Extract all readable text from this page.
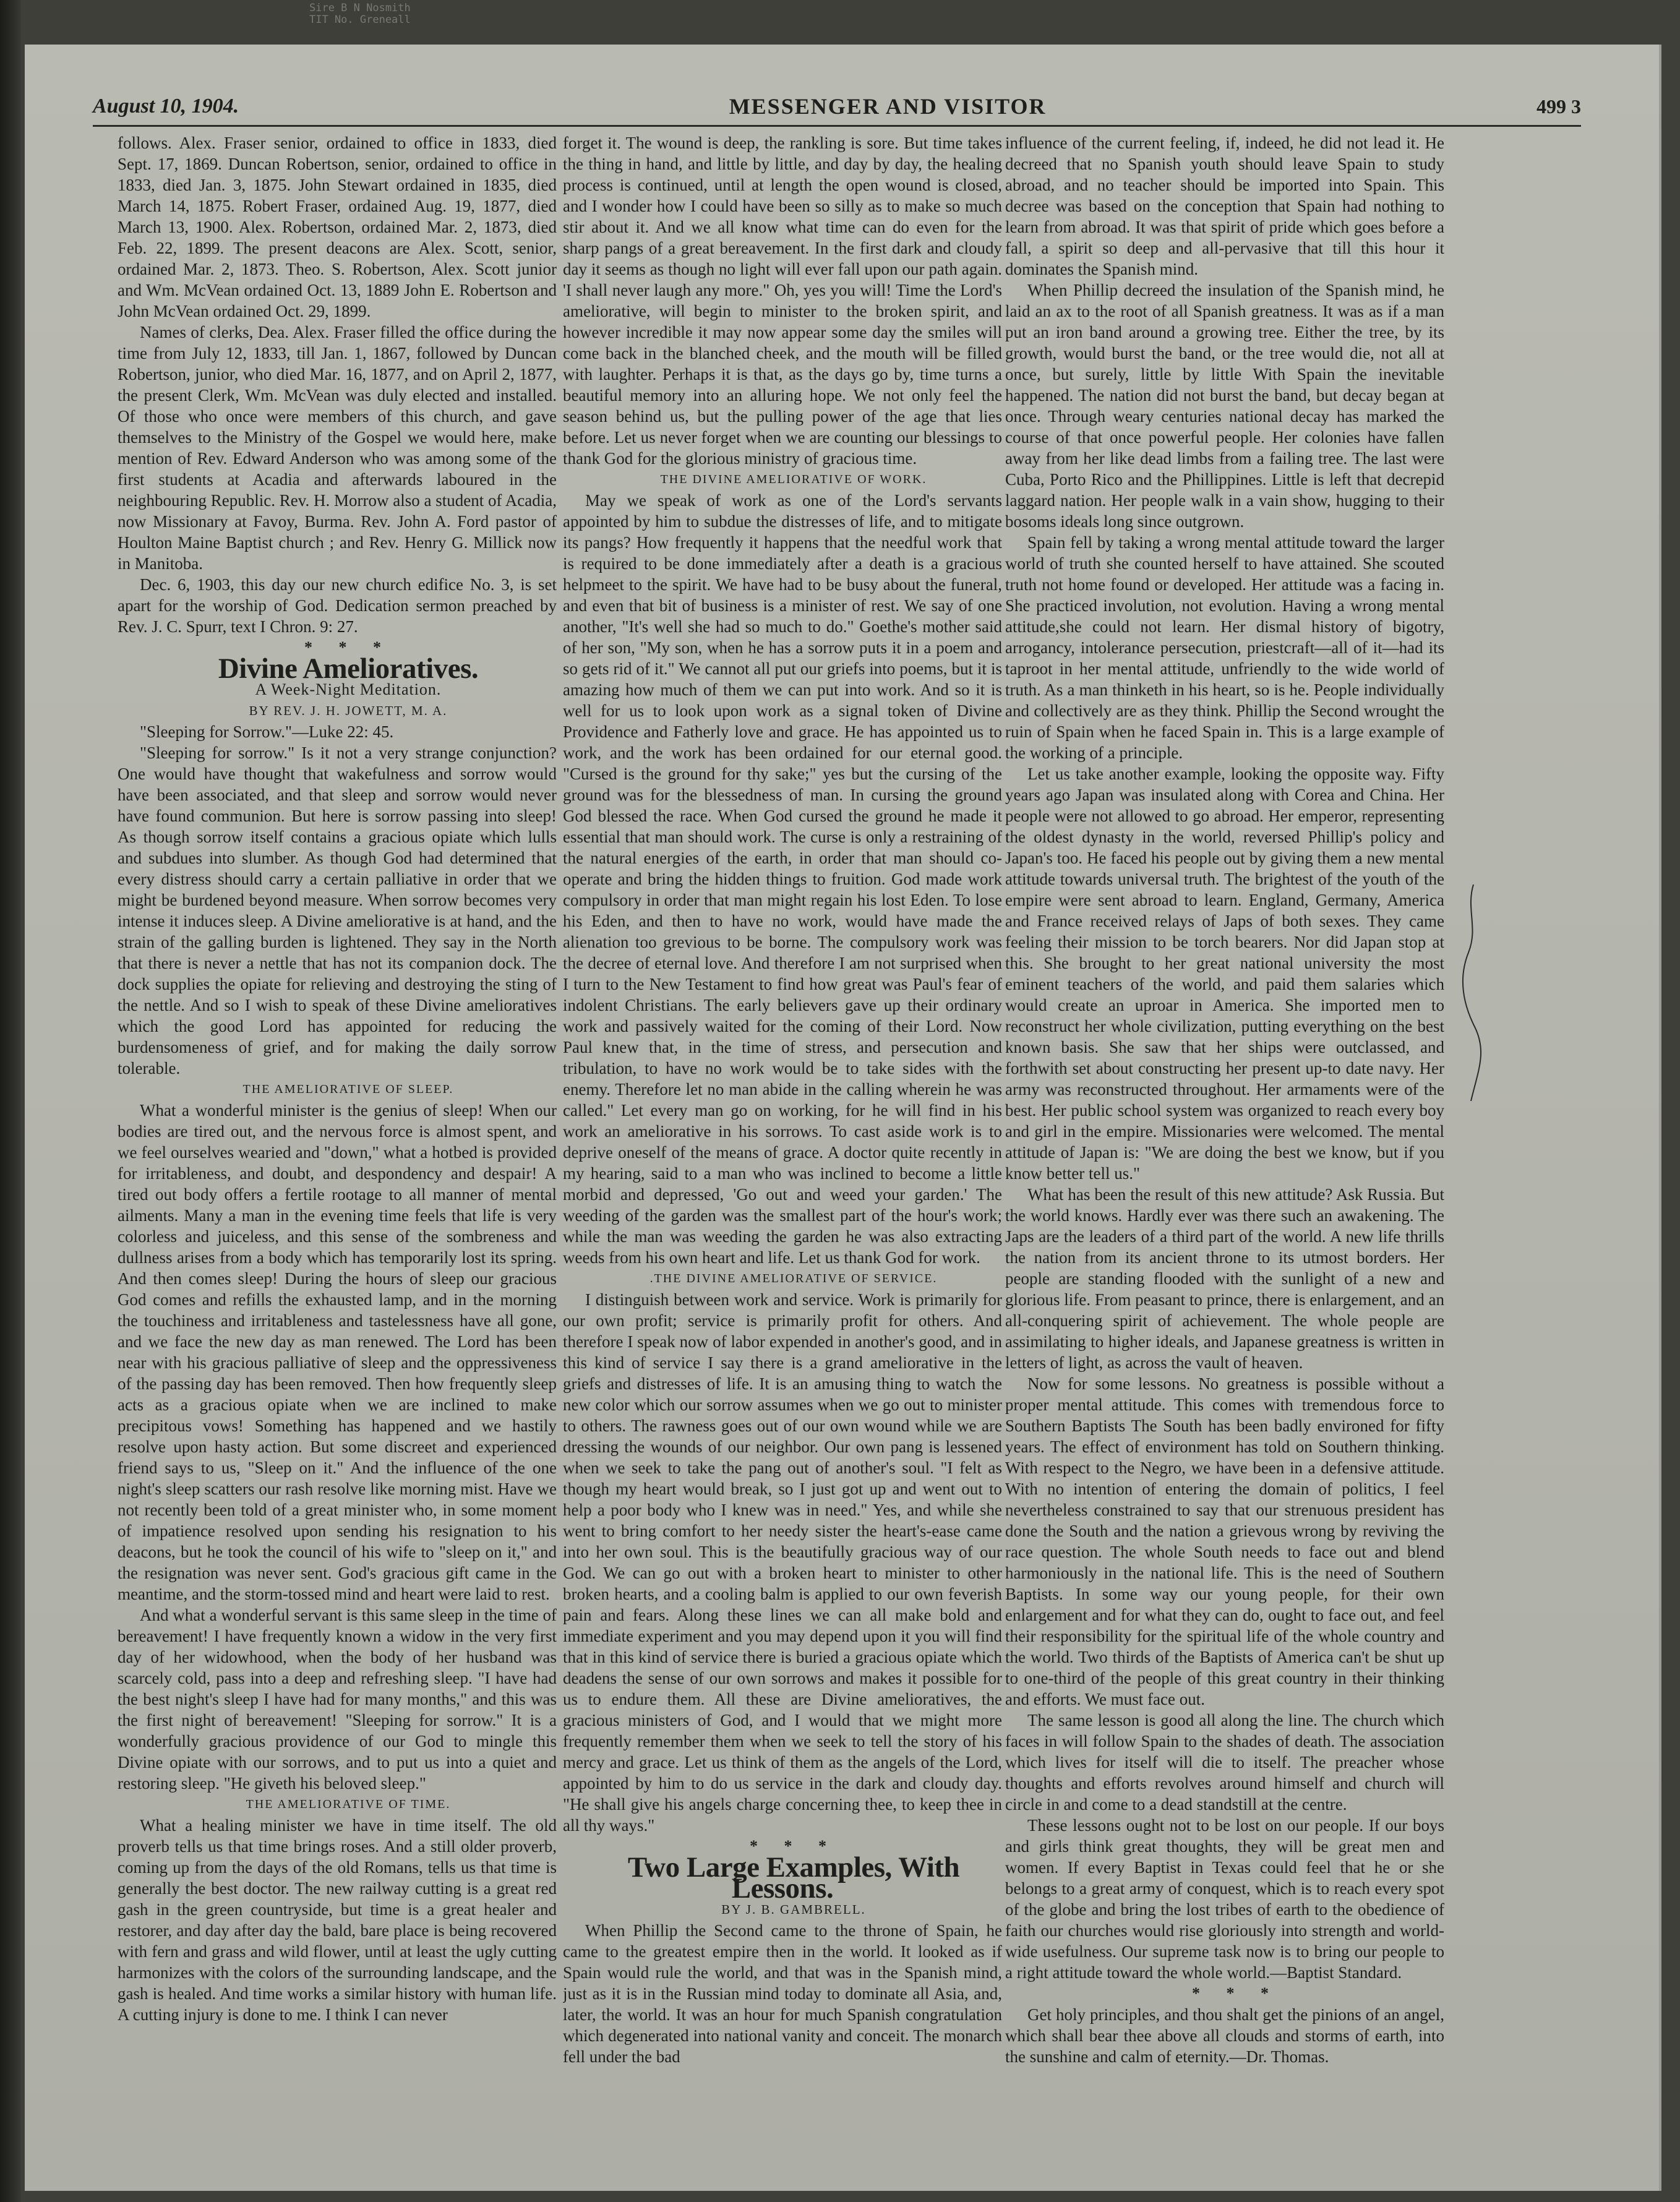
Sire B N Nosmith
TIT No. Greneall
August 10, 1904.	MESSENGER AND VISITOR	499 3

follows. Alex. Fraser senior, ordained to office in 1833, died Sept. 17, 1869. Duncan Robertson, senior, ordained to office in 1833, died Jan. 3, 1875. John Stewart ordained in 1835, died March 14, 1875. Robert Fraser, ordained Aug. 19, 1877, died March 13, 1900. Alex. Robertson, ordained Mar. 2, 1873, died Feb. 22, 1899. The present deacons are Alex. Scott, senior, ordained Mar. 2, 1873. Theo. S. Robertson, Alex. Scott junior and Wm. McVean ordained Oct. 13, 1889 John E. Robertson and John McVean ordained Oct. 29, 1899.

Names of clerks, Dea. Alex. Fraser filled the office during the time from July 12, 1833, till Jan. 1, 1867, followed by Duncan Robertson, junior, who died Mar. 16, 1877, and on April 2, 1877, the present Clerk, Wm. McVean was duly elected and installed. Of those who once were members of this church, and gave themselves to the Ministry of the Gospel we would here, make mention of Rev. Edward Anderson who was among some of the first students at Acadia and afterwards laboured in the neighbouring Republic. Rev. H. Morrow also a student of Acadia, now Missionary at Favoy, Burma. Rev. John A. Ford pastor of Houlton Maine Baptist church ; and Rev. Henry G. Millick now in Manitoba.

Dec. 6, 1903, this day our new church edifice No. 3, is set apart for the worship of God. Dedication sermon preached by Rev. J. C. Spurr, text I Chron. 9: 27.

* * *

Divine Amelioratives.

A Week-Night Meditation.

BY REV. J. H. JOWETT, M. A.

"Sleeping for Sorrow."—Luke 22: 45.

"Sleeping for sorrow." Is it not a very strange conjunction? One would have thought that wakefulness and sorrow would have been associated, and that sleep and sorrow would never have found communion. But here is sorrow passing into sleep! As though sorrow itself contains a gracious opiate which lulls and subdues into slumber. As though God had determined that every distress should carry a certain palliative in order that we might be burdened beyond measure. When sorrow becomes very intense it induces sleep. A Divine ameliorative is at hand, and the strain of the galling burden is lightened. They say in the North that there is never a nettle that has not its companion dock. The dock supplies the opiate for relieving and destroying the sting of the nettle. And so I wish to speak of these Divine amelioratives which the good Lord has appointed for reducing the burdensomeness of grief, and for making the daily sorrow tolerable.

THE AMELIORATIVE OF SLEEP.

What a wonderful minister is the genius of sleep! When our bodies are tired out, and the nervous force is almost spent, and we feel ourselves wearied and "down," what a hotbed is provided for irritableness, and doubt, and despondency and despair! A tired out body offers a fertile rootage to all manner of mental ailments. Many a man in the evening time feels that life is very colorless and juiceless, and this sense of the sombreness and dullness arises from a body which has temporarily lost its spring. And then comes sleep! During the hours of sleep our gracious God comes and refills the exhausted lamp, and in the morning the touchiness and irritableness and tastelessness have all gone, and we face the new day as man renewed. The Lord has been near with his gracious palliative of sleep and the oppressiveness of the passing day has been removed. Then how frequently sleep acts as a gracious opiate when we are inclined to make precipitous vows! Something has happened and we hastily resolve upon hasty action. But some discreet and experienced friend says to us, "Sleep on it." And the influence of the one night's sleep scatters our rash resolve like morning mist. Have we not recently been told of a great minister who, in some moment of impatience resolved upon sending his resignation to his deacons, but he took the council of his wife to "sleep on it," and the resignation was never sent. God's gracious gift came in the meantime, and the storm-tossed mind and heart were laid to rest.

And what a wonderful servant is this same sleep in the time of bereavement! I have frequently known a widow in the very first day of her widowhood, when the body of her husband was scarcely cold, pass into a deep and refreshing sleep. "I have had the best night's sleep I have had for many months," and this was the first night of bereavement! "Sleeping for sorrow." It is a wonderfully gracious providence of our God to mingle this Divine opiate with our sorrows, and to put us into a quiet and restoring sleep. "He giveth his beloved sleep."

THE AMELIORATIVE OF TIME.

What a healing minister we have in time itself. The old proverb tells us that time brings roses. And a still older proverb, coming up from the days of the old Romans, tells us that time is generally the best doctor. The new railway cutting is a great red gash in the green countryside, but time is a great healer and restorer, and day after day the bald, bare place is being recovered with fern and grass and wild flower, until at least the ugly cutting harmonizes with the colors of the surrounding landscape, and the gash is healed. And time works a similar history with human life. A cutting injury is done to me. I think I can never

forget it. The wound is deep, the rankling is sore. But time takes the thing in hand, and little by little, and day by day, the healing process is continued, until at length the open wound is closed, and I wonder how I could have been so silly as to make so much stir about it. And we all know what time can do even for the sharp pangs of a great bereavement. In the first dark and cloudy day it seems as though no light will ever fall upon our path again. 'I shall never laugh any more." Oh, yes you will! Time the Lord's ameliorative, will begin to minister to the broken spirit, and however incredible it may now appear some day the smiles will come back in the blanched cheek, and the mouth will be filled with laughter. Perhaps it is that, as the days go by, time turns a beautiful memory into an alluring hope. We not only feel the season behind us, but the pulling power of the age that lies before. Let us never forget when we are counting our blessings to thank God for the glorious ministry of gracious time.

THE DIVINE AMELIORATIVE OF WORK.

May we speak of work as one of the Lord's servants appointed by him to subdue the distresses of life, and to mitigate its pangs? How frequently it happens that the needful work that is required to be done immediately after a death is a gracious helpmeet to the spirit. We have had to be busy about the funeral, and even that bit of business is a minister of rest. We say of one another, "It's well she had so much to do." Goethe's mother said of her son, "My son, when he has a sorrow puts it in a poem and so gets rid of it." We cannot all put our griefs into poems, but it is amazing how much of them we can put into work. And so it is well for us to look upon work as a signal token of Divine Providence and Fatherly love and grace. He has appointed us to work, and the work has been ordained for our eternal good. "Cursed is the ground for thy sake;" yes but the cursing of the ground was for the blessedness of man. In cursing the ground God blessed the race. When God cursed the ground he made it essential that man should work. The curse is only a restraining of the natural energies of the earth, in order that man should co-operate and bring the hidden things to fruition. God made work compulsory in order that man might regain his lost Eden. To lose his Eden, and then to have no work, would have made the alienation too grevious to be borne. The compulsory work was the decree of eternal love. And therefore I am not surprised when I turn to the New Testament to find how great was Paul's fear of indolent Christians. The early believers gave up their ordinary work and passively waited for the coming of their Lord. Now Paul knew that, in the time of stress, and persecution and tribulation, to have no work would be to take sides with the enemy. Therefore let no man abide in the calling wherein he was called." Let every man go on working, for he will find in his work an ameliorative in his sorrows. To cast aside work is to deprive oneself of the means of grace. A doctor quite recently in my hearing, said to a man who was inclined to become a little morbid and depressed, 'Go out and weed your garden.' The weeding of the garden was the smallest part of the hour's work; while the man was weeding the garden he was also extracting weeds from his own heart and life. Let us thank God for work.

.THE DIVINE AMELIORATIVE OF SERVICE.

I distinguish between work and service. Work is primarily for our own profit; service is primarily profit for others. And therefore I speak now of labor expended in another's good, and in this kind of service I say there is a grand ameliorative in the griefs and distresses of life. It is an amusing thing to watch the new color which our sorrow assumes when we go out to minister to others. The rawness goes out of our own wound while we are dressing the wounds of our neighbor. Our own pang is lessened when we seek to take the pang out of another's soul. "I felt as though my heart would break, so I just got up and went out to help a poor body who I knew was in need." Yes, and while she went to bring comfort to her needy sister the heart's-ease came into her own soul. This is the beautifully gracious way of our God. We can go out with a broken heart to minister to other broken hearts, and a cooling balm is applied to our own feverish pain and fears. Along these lines we can all make bold and immediate experiment and you may depend upon it you will find that in this kind of service there is buried a gracious opiate which deadens the sense of our own sorrows and makes it possible for us to endure them. All these are Divine amelioratives, the gracious ministers of God, and I would that we might more frequently remember them when we seek to tell the story of his mercy and grace. Let us think of them as the angels of the Lord, appointed by him to do us service in the dark and cloudy day. "He shall give his angels charge concerning thee, to keep thee in all thy ways."

* * *

Two Large Examples, With Lessons.

BY J. B. GAMBRELL.

When Phillip the Second came to the throne of Spain, he came to the greatest empire then in the world. It looked as if Spain would rule the world, and that was in the Spanish mind, just as it is in the Russian mind today to dominate all Asia, and, later, the world. It was an hour for much Spanish congratulation which degenerated into national vanity and conceit. The monarch fell under the bad

influence of the current feeling, if, indeed, he did not lead it. He decreed that no Spanish youth should leave Spain to study abroad, and no teacher should be imported into Spain. This decree was based on the conception that Spain had nothing to learn from abroad. It was that spirit of pride which goes before a fall, a spirit so deep and all-pervasive that till this hour it dominates the Spanish mind.

When Phillip decreed the insulation of the Spanish mind, he laid an ax to the root of all Spanish greatness. It was as if a man put an iron band around a growing tree. Either the tree, by its growth, would burst the band, or the tree would die, not all at once, but surely, little by little With Spain the inevitable happened. The nation did not burst the band, but decay began at once. Through weary centuries national decay has marked the course of that once powerful people. Her colonies have fallen away from her like dead limbs from a failing tree. The last were Cuba, Porto Rico and the Phillippines. Little is left that decrepid laggard nation. Her people walk in a vain show, hugging to their bosoms ideals long since outgrown.

Spain fell by taking a wrong mental attitude toward the larger world of truth she counted herself to have attained. She scouted truth not home found or developed. Her attitude was a facing in. She practiced involution, not evolution. Having a wrong mental attitude,she could not learn. Her dismal history of bigotry, arrogancy, intolerance persecution, priestcraft—all of it—had its taproot in her mental attitude, unfriendly to the wide world of truth. As a man thinketh in his heart, so is he. People individually and collectively are as they think. Phillip the Second wrought the ruin of Spain when he faced Spain in. This is a large example of the working of a principle.

Let us take another example, looking the opposite way. Fifty years ago Japan was insulated along with Corea and China. Her people were not allowed to go abroad. Her emperor, representing the oldest dynasty in the world, reversed Phillip's policy and Japan's too. He faced his people out by giving them a new mental attitude towards universal truth. The brightest of the youth of the empire were sent abroad to learn. England, Germany, America and France received relays of Japs of both sexes. They came feeling their mission to be torch bearers. Nor did Japan stop at this. She brought to her great national university the most eminent teachers of the world, and paid them salaries which would create an uproar in America. She imported men to reconstruct her whole civilization, putting everything on the best known basis. She saw that her ships were outclassed, and forthwith set about constructing her present up-to date navy. Her army was reconstructed throughout. Her armaments were of the best. Her public school system was organized to reach every boy and girl in the empire. Missionaries were welcomed. The mental attitude of Japan is: "We are doing the best we know, but if you know better tell us."

What has been the result of this new attitude? Ask Russia. But the world knows. Hardly ever was there such an awakening. The Japs are the leaders of a third part of the world. A new life thrills the nation from its ancient throne to its utmost borders. Her people are standing flooded with the sunlight of a new and glorious life. From peasant to prince, there is enlargement, and an all-conquering spirit of achievement. The whole people are assimilating to higher ideals, and Japanese greatness is written in letters of light, as across the vault of heaven.

Now for some lessons. No greatness is possible without a proper mental attitude. This comes with tremendous force to Southern Baptists The South has been badly environed for fifty years. The effect of environment has told on Southern thinking. With respect to the Negro, we have been in a defensive attitude. With no intention of entering the domain of politics, I feel nevertheless constrained to say that our strenuous president has done the South and the nation a grievous wrong by reviving the race question. The whole South needs to face out and blend harmoniously in the national life. This is the need of Southern Baptists. In some way our young people, for their own enlargement and for what they can do, ought to face out, and feel their responsibility for the spiritual life of the whole country and the world. Two thirds of the Baptists of America can't be shut up to one-third of the people of this great country in their thinking and efforts. We must face out.

The same lesson is good all along the line. The church which faces in will follow Spain to the shades of death. The association which lives for itself will die to itself. The preacher whose thoughts and efforts revolves around himself and church will circle in and come to a dead standstill at the centre.

These lessons ought not to be lost on our people. If our boys and girls think great thoughts, they will be great men and women. If every Baptist in Texas could feel that he or she belongs to a great army of conquest, which is to reach every spot of the globe and bring the lost tribes of earth to the obedience of faith our churches would rise gloriously into strength and world-wide usefulness. Our supreme task now is to bring our people to a right attitude toward the whole world.—Baptist Standard.

* * *

Get holy principles, and thou shalt get the pinions of an angel, which shall bear thee above all clouds and storms of earth, into the sunshine and calm of eternity.—Dr. Thomas.
